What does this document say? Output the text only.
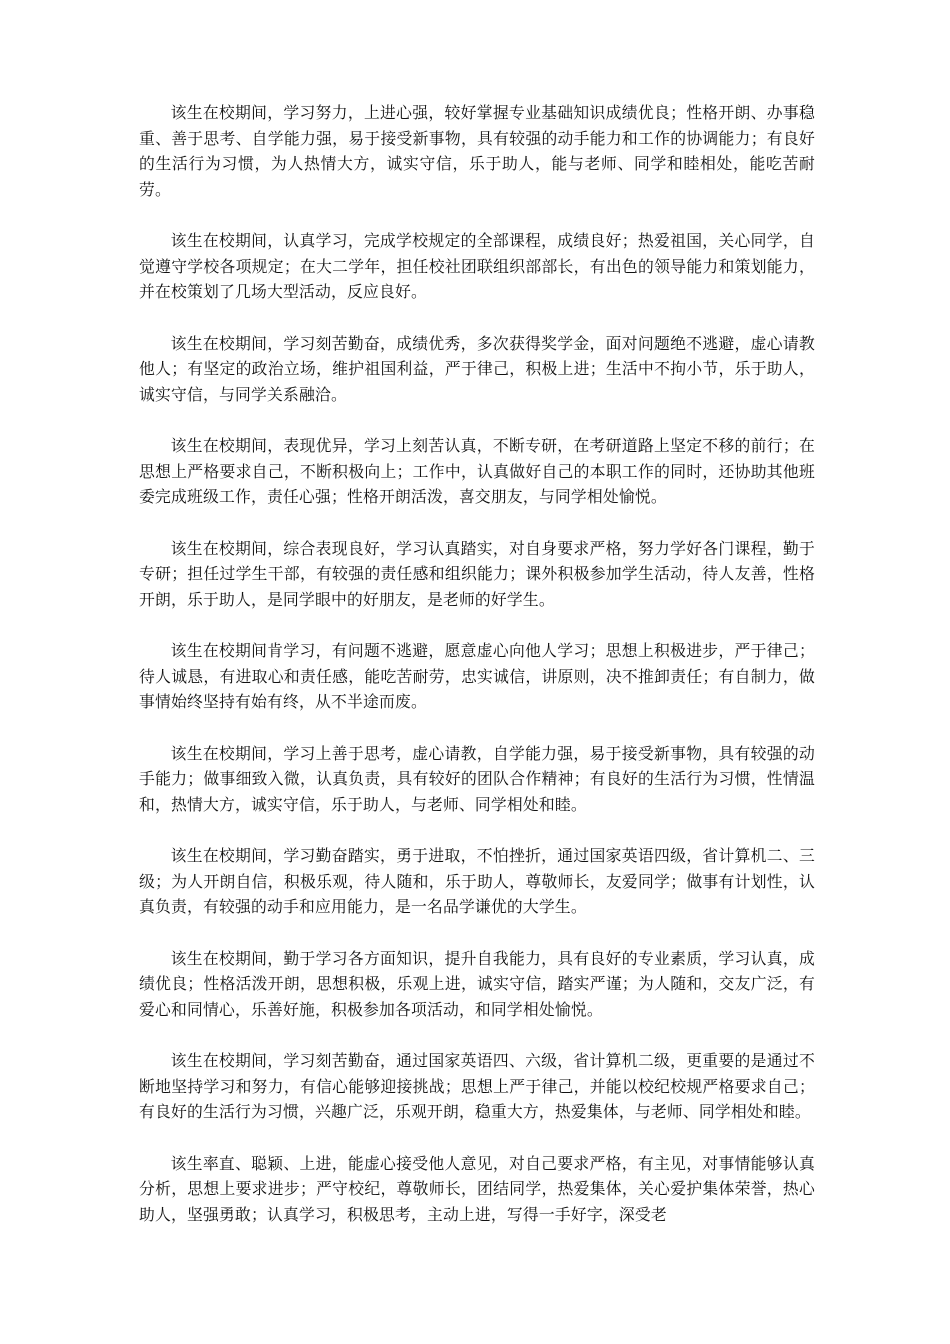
该生在校期间，学习努力，上进心强，较好掌握专业基础知识成绩优良；性格开朗、办事稳重、善于思考、自学能力强，易于接受新事物，具有较强的动手能力和工作的协调能力；有良好的生活行为习惯，为人热情大方，诚实守信，乐于助人，能与老师、同学和睦相处，能吃苦耐劳。

该生在校期间，认真学习，完成学校规定的全部课程，成绩良好；热爱祖国，关心同学，自觉遵守学校各项规定；在大二学年，担任校社团联组织部部长，有出色的领导能力和策划能力，并在校策划了几场大型活动，反应良好。

该生在校期间，学习刻苦勤奋，成绩优秀，多次获得奖学金，面对问题绝不逃避，虚心请教他人；有坚定的政治立场，维护祖国利益，严于律己，积极上进；生活中不拘小节，乐于助人，诚实守信，与同学关系融洽。

该生在校期间，表现优异，学习上刻苦认真，不断专研，在考研道路上坚定不移的前行；在思想上严格要求自己，不断积极向上；工作中，认真做好自己的本职工作的同时，还协助其他班委完成班级工作，责任心强；性格开朗活泼，喜交朋友，与同学相处愉悦。

该生在校期间，综合表现良好，学习认真踏实，对自身要求严格，努力学好各门课程，勤于专研；担任过学生干部，有较强的责任感和组织能力；课外积极参加学生活动，待人友善，性格开朗，乐于助人，是同学眼中的好朋友，是老师的好学生。

该生在校期间肯学习，有问题不逃避，愿意虚心向他人学习；思想上积极进步，严于律己；待人诚恳，有进取心和责任感，能吃苦耐劳，忠实诚信，讲原则，决不推卸责任；有自制力，做事情始终坚持有始有终，从不半途而废。

该生在校期间，学习上善于思考，虚心请教，自学能力强，易于接受新事物，具有较强的动手能力；做事细致入微，认真负责，具有较好的团队合作精神；有良好的生活行为习惯，性情温和，热情大方，诚实守信，乐于助人，与老师、同学相处和睦。

该生在校期间，学习勤奋踏实，勇于进取，不怕挫折，通过国家英语四级，省计算机二、三级；为人开朗自信，积极乐观，待人随和，乐于助人，尊敬师长，友爱同学；做事有计划性，认真负责，有较强的动手和应用能力，是一名品学谦优的大学生。

该生在校期间，勤于学习各方面知识，提升自我能力，具有良好的专业素质，学习认真，成绩优良；性格活泼开朗，思想积极，乐观上进，诚实守信，踏实严谨；为人随和，交友广泛，有爱心和同情心，乐善好施，积极参加各项活动，和同学相处愉悦。

该生在校期间，学习刻苦勤奋，通过国家英语四、六级，省计算机二级，更重要的是通过不断地坚持学习和努力，有信心能够迎接挑战；思想上严于律己，并能以校纪校规严格要求自己；有良好的生活行为习惯，兴趣广泛，乐观开朗，稳重大方，热爱集体，与老师、同学相处和睦。

该生率直、聪颖、上进，能虚心接受他人意见，对自己要求严格，有主见，对事情能够认真分析，思想上要求进步；严守校纪，尊敬师长，团结同学，热爱集体，关心爱护集体荣誉，热心助人，坚强勇敢；认真学习，积极思考，主动上进，写得一手好字，深受老
